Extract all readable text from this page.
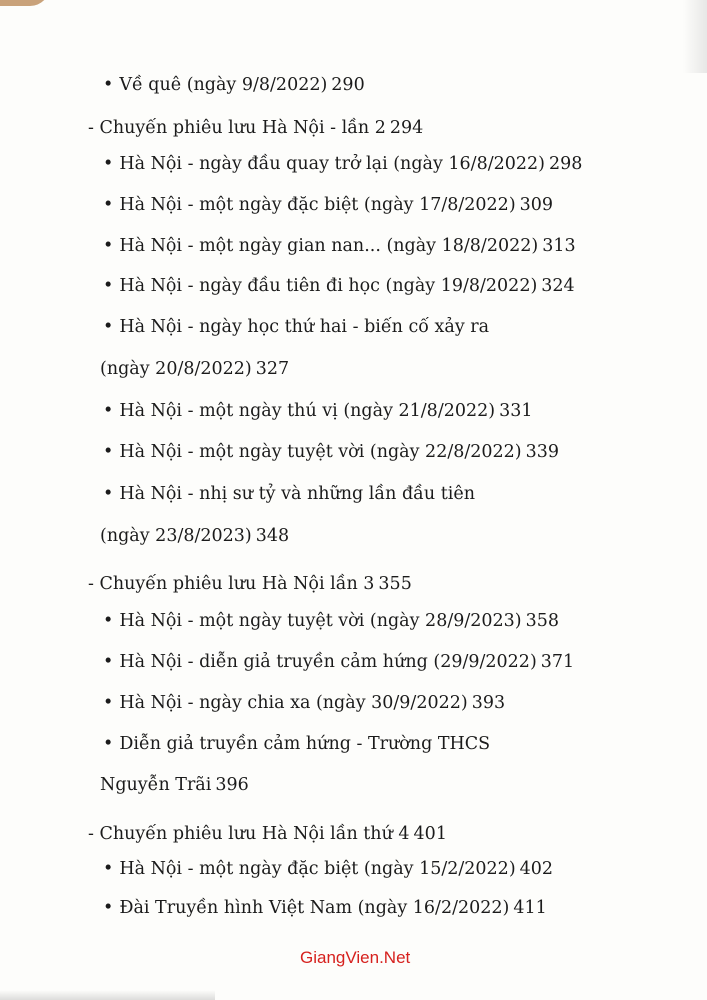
• Về quê (ngày 9/8/2022) 290
- Chuyến phiêu lưu Hà Nội - lần 2 294
• Hà Nội - ngày đầu quay trở lại (ngày 16/8/2022) 298
• Hà Nội - một ngày đặc biệt (ngày 17/8/2022) 309
• Hà Nội - một ngày gian nan... (ngày 18/8/2022) 313
• Hà Nội - ngày đầu tiên đi học (ngày 19/8/2022) 324
• Hà Nội - ngày học thứ hai - biến cố xảy ra
(ngày 20/8/2022) 327
• Hà Nội - một ngày thú vị (ngày 21/8/2022) 331
• Hà Nội - một ngày tuyệt vời (ngày 22/8/2022) 339
• Hà Nội - nhị sư tỷ và những lần đầu tiên
(ngày 23/8/2023) 348
- Chuyến phiêu lưu Hà Nội lần 3 355
• Hà Nội - một ngày tuyệt vời (ngày 28/9/2023) 358
• Hà Nội - diễn giả truyền cảm hứng (29/9/2022) 371
• Hà Nội - ngày chia xa (ngày 30/9/2022) 393
• Diễn giả truyền cảm hứng - Trường THCS
Nguyễn Trãi 396
- Chuyến phiêu lưu Hà Nội lần thứ 4 401
• Hà Nội - một ngày đặc biệt (ngày 15/2/2022) 402
• Đài Truyền hình Việt Nam (ngày 16/2/2022) 411
GiangVien.Net
